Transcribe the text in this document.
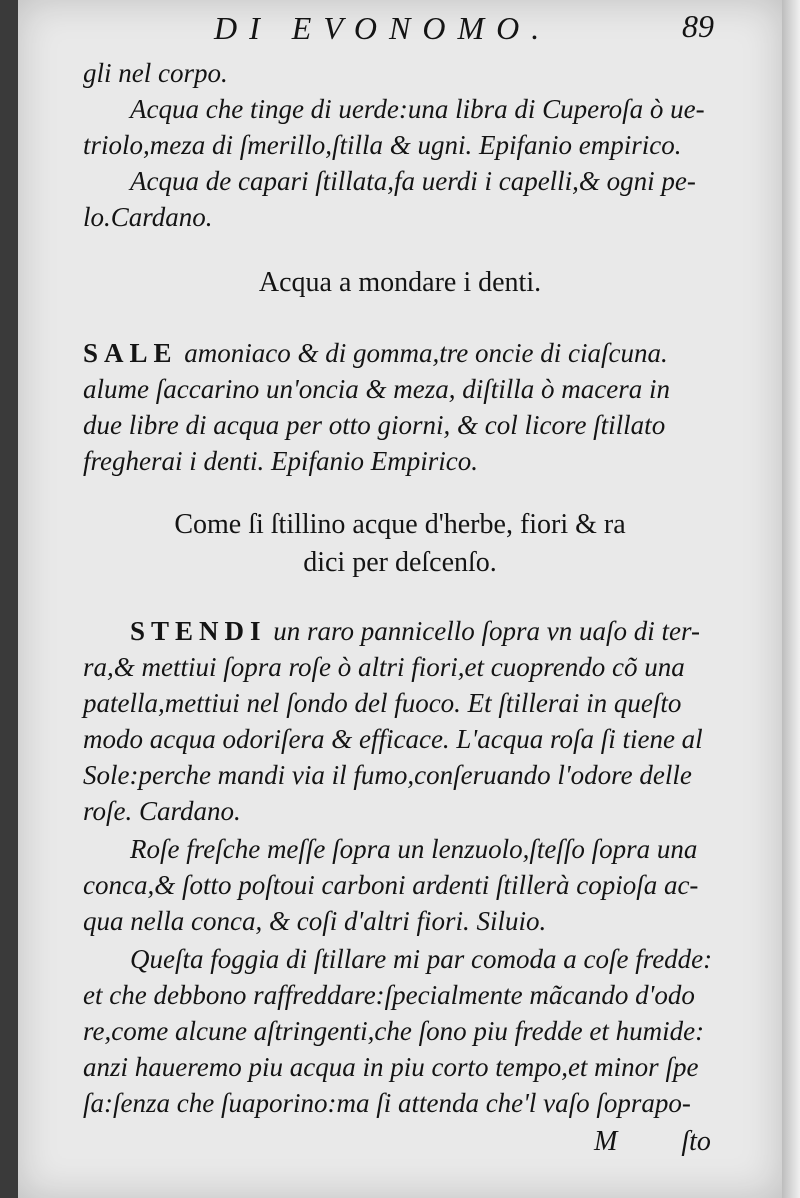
DI EVONOMO.	89
gli nel corpo.
Acqua che tinge di uerde:una libra di Cuperoſa ò ue-
triolo,meza di ſmerillo,ſtilla & ugni. Epifanio empirico.
Acqua de capari ſtillata,fa uerdi i capelli,& ogni pe-
lo.Cardano.
Acqua a mondare i denti.
SALE amoniaco & di gomma,tre oncie di ciaſcuna.
alume ſaccarino un'oncia & meza, diſtilla ò macera in
due libre di acqua per otto giorni, & col licore ſtillato
fregherai i denti. Epifanio Empirico.
Come ſi ſtillino acque d'herbe, fiori & ra
dici per deſcenſo.
STENDI un raro pannicello ſopra vn uaſo di ter-
ra,& mettiui ſopra roſe ò altri fiori,et cuoprendo cõ una
patella,mettiui nel ſondo del fuoco. Et ſtillerai in queſto
modo acqua odoriſera & efficace. L'acqua roſa ſi tiene al
Sole:perche mandi via il fumo,conſeruando l'odore delle
roſe. Cardano.
Roſe freſche meſſe ſopra un lenzuolo,ſteſſo ſopra una
conca,& ſotto poſtoui carboni ardenti ſtillerà copioſa ac-
qua nella conca, & coſi d'altri fiori. Siluio.
Queſta foggia di ſtillare mi par comoda a coſe fredde:
et che debbono raffreddare:ſpecialmente mãcando d'odo
re,come alcune aſtringenti,che ſono piu fredde et humide:
anzi haueremo piu acqua in piu corto tempo,et minor ſpe
ſa:ſenza che ſuaporino:ma ſi attenda che'l vaſo ſoprapo-
M ſto
